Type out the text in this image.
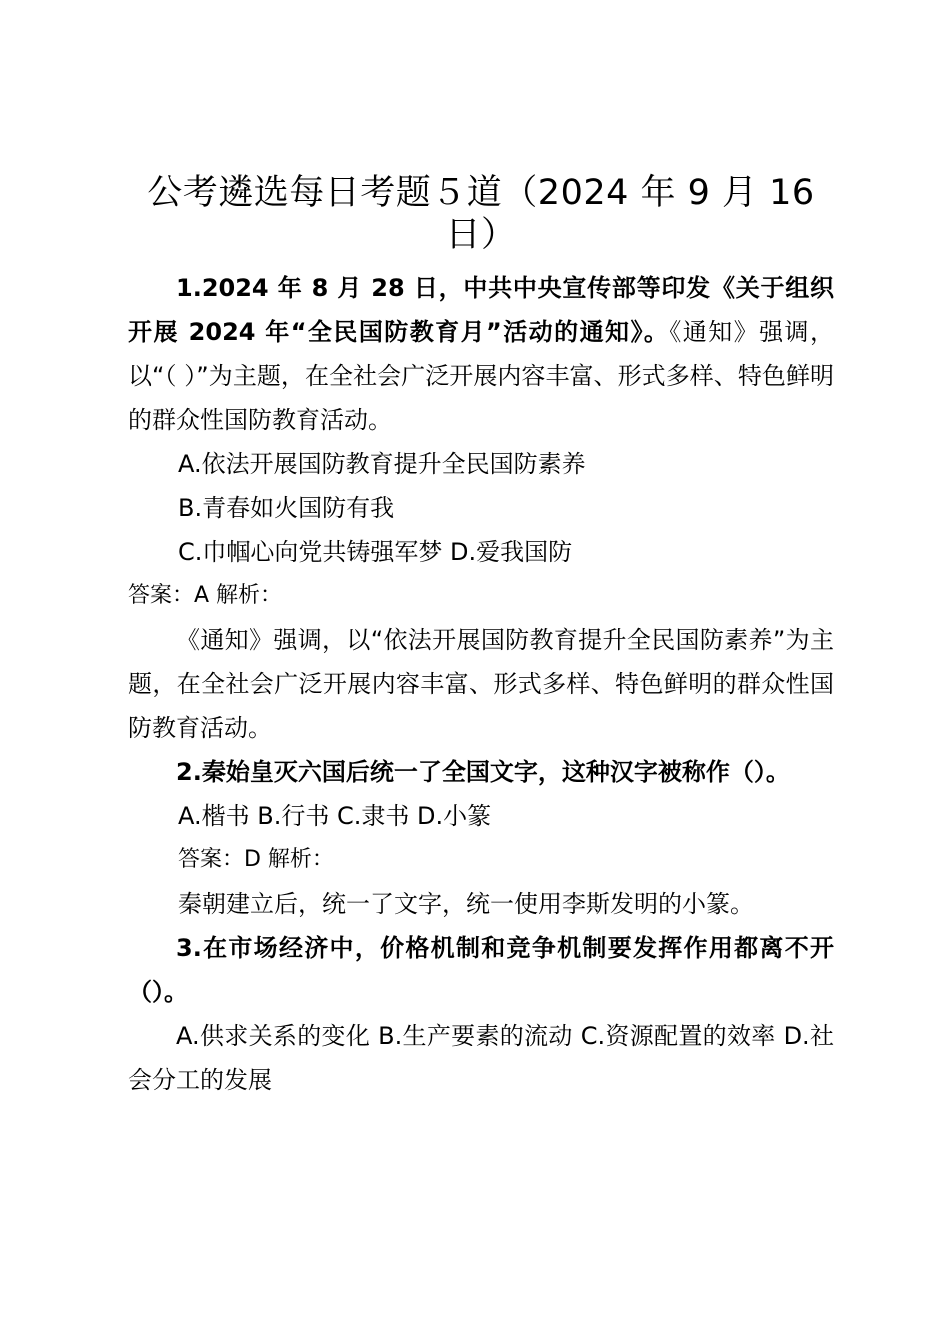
公考遴选每日考题５道（2024 年 9 月 16 日）

1.2024 年 8 月 28 日，中共中央宣传部等印发《关于组织开展 2024 年“全民国防教育月”活动的通知》。《通知》强调，以“（ ）”为主题，在全社会广泛开展内容丰富、形式多样、特色鲜明的群众性国防教育活动。

A.依法开展国防教育提升全民国防素养

B.青春如火国防有我

C.巾帼心向党共铸强军梦 D.爱我国防

答案：A 解析：

《通知》强调，以“依法开展国防教育提升全民国防素养”为主题，在全社会广泛开展内容丰富、形式多样、特色鲜明的群众性国防教育活动。

2.秦始皇灭六国后统一了全国文字，这种汉字被称作（）。

A.楷书 B.行书 C.隶书 D.小篆

答案：D 解析：

秦朝建立后，统一了文字，统一使用李斯发明的小篆。

3.在市场经济中，价格机制和竞争机制要发挥作用都离不开（）。

A.供求关系的变化 B.生产要素的流动 C.资源配置的效率 D.社会分工的发展
